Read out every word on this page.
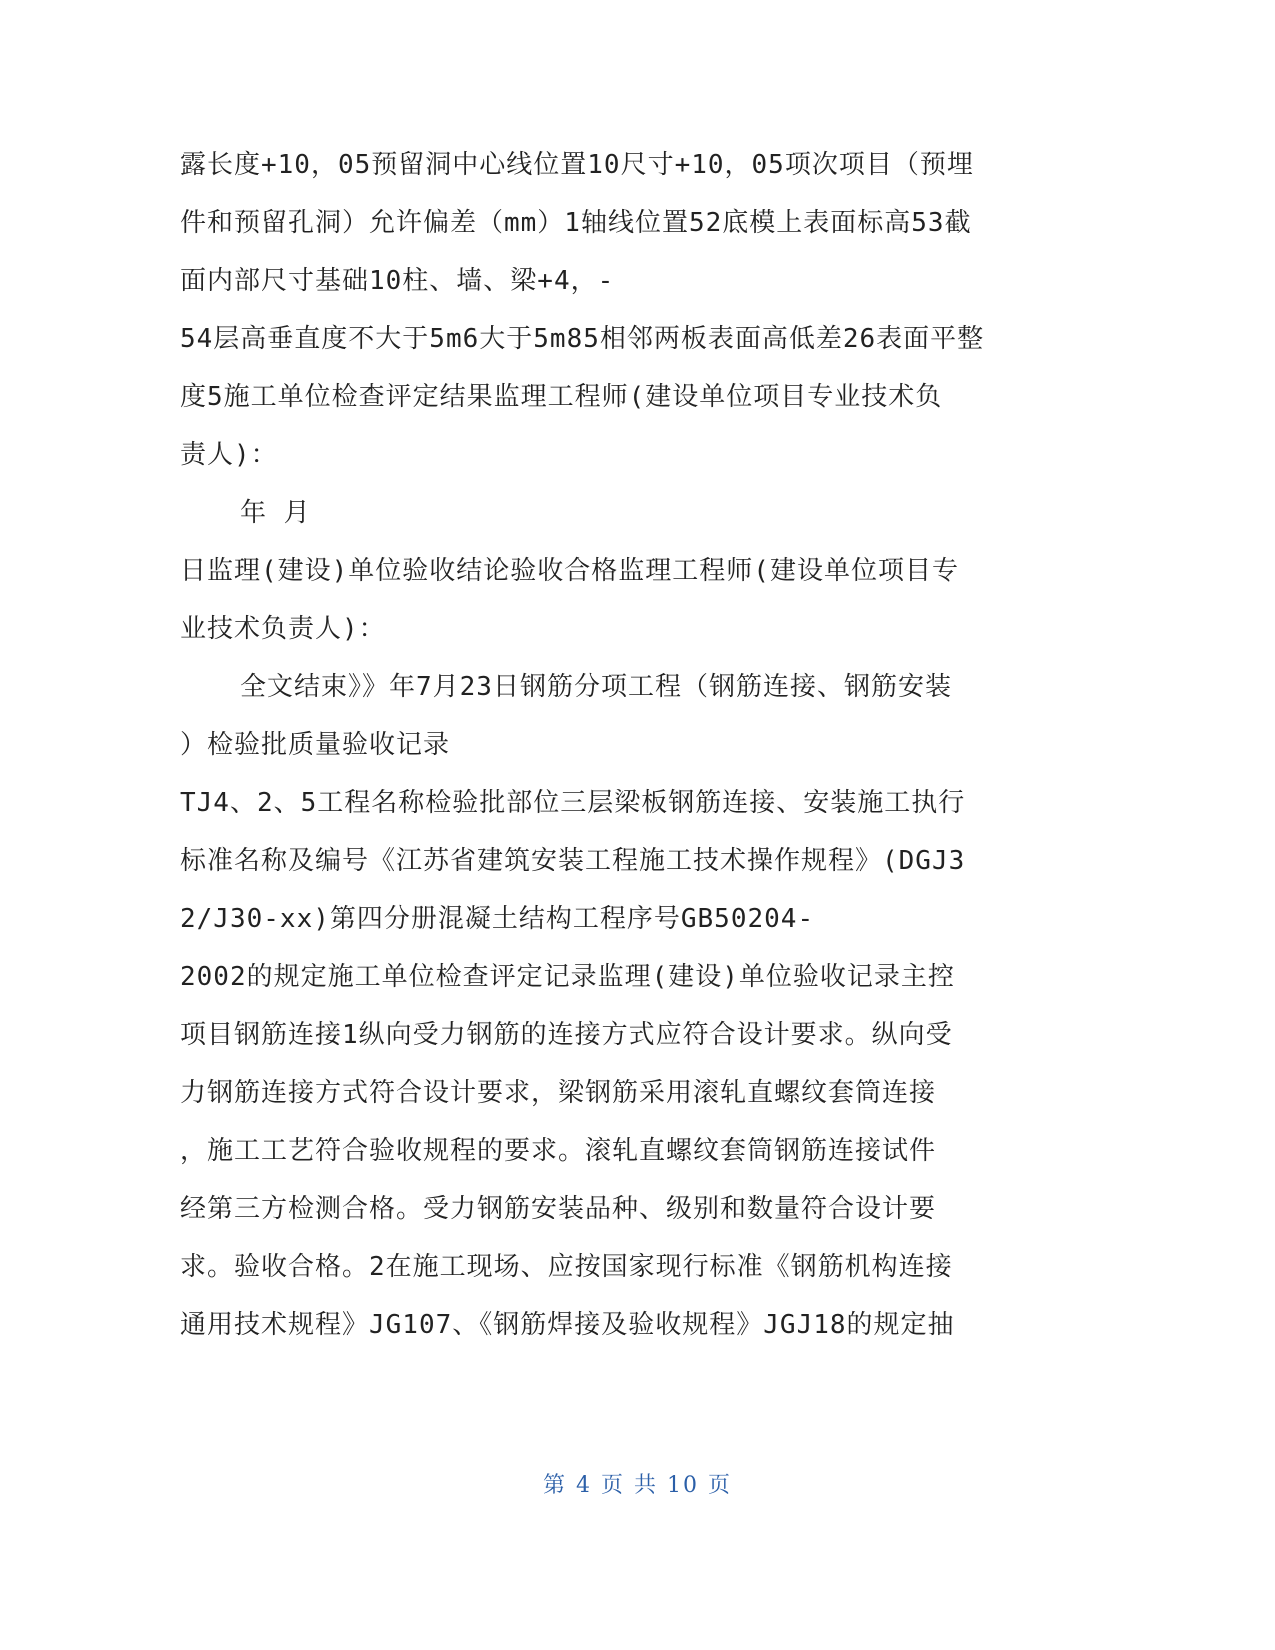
露长度+10，05预留洞中心线位置10尺寸+10，05项次项目（预埋
件和预留孔洞）允许偏差（mm）1轴线位置52底模上表面标高53截
面内部尺寸基础10柱、墙、梁+4，-
54层高垂直度不大于5m6大于5m85相邻两板表面高低差26表面平整
度5施工单位检查评定结果监理工程师(建设单位项目专业技术负
责人)：
年 月
日监理(建设)单位验收结论验收合格监理工程师(建设单位项目专
业技术负责人)：
全文结束》》年7月23日钢筋分项工程（钢筋连接、钢筋安装
）检验批质量验收记录
TJ4、2、5工程名称检验批部位三层梁板钢筋连接、安装施工执行
标准名称及编号《江苏省建筑安装工程施工技术操作规程》(DGJ3
2/J30-xx)第四分册混凝土结构工程序号GB50204-
2002的规定施工单位检查评定记录监理(建设)单位验收记录主控
项目钢筋连接1纵向受力钢筋的连接方式应符合设计要求。纵向受
力钢筋连接方式符合设计要求，梁钢筋采用滚轧直螺纹套筒连接
，施工工艺符合验收规程的要求。滚轧直螺纹套筒钢筋连接试件
经第三方检测合格。受力钢筋安装品种、级别和数量符合设计要
求。验收合格。2在施工现场、应按国家现行标准《钢筋机构连接
通用技术规程》JG107、《钢筋焊接及验收规程》JGJ18的规定抽
第 4 页 共 10 页
